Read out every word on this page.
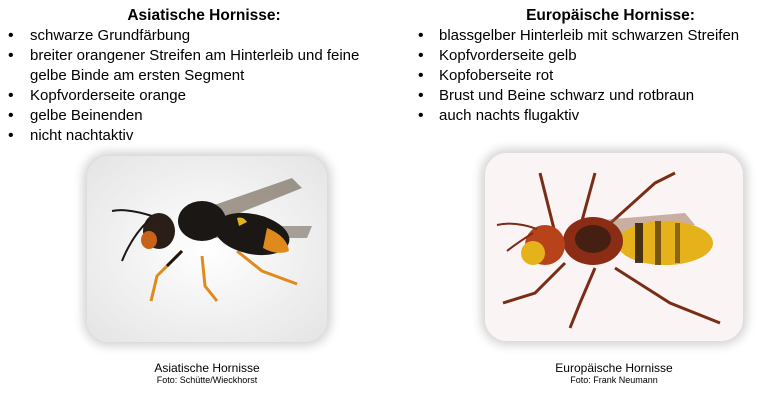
Asiatische Hornisse:
• schwarze Grundfärbung
• breiter orangener Streifen am Hinterleib und feine gelbe Binde am ersten Segment
• Kopfvorderseite orange
• gelbe Beinenden
• nicht nachtaktiv
Asiatische Hornisse
Foto: Schütte/Wieckhorst
Europäische Hornisse:
• blassgelber Hinterleib mit schwarzen Streifen
• Kopfvorderseite gelb
• Kopfoberseite rot
• Brust und Beine schwarz und rotbraun
• auch nachts flugaktiv
Europäische Hornisse
Foto: Frank Neumann
